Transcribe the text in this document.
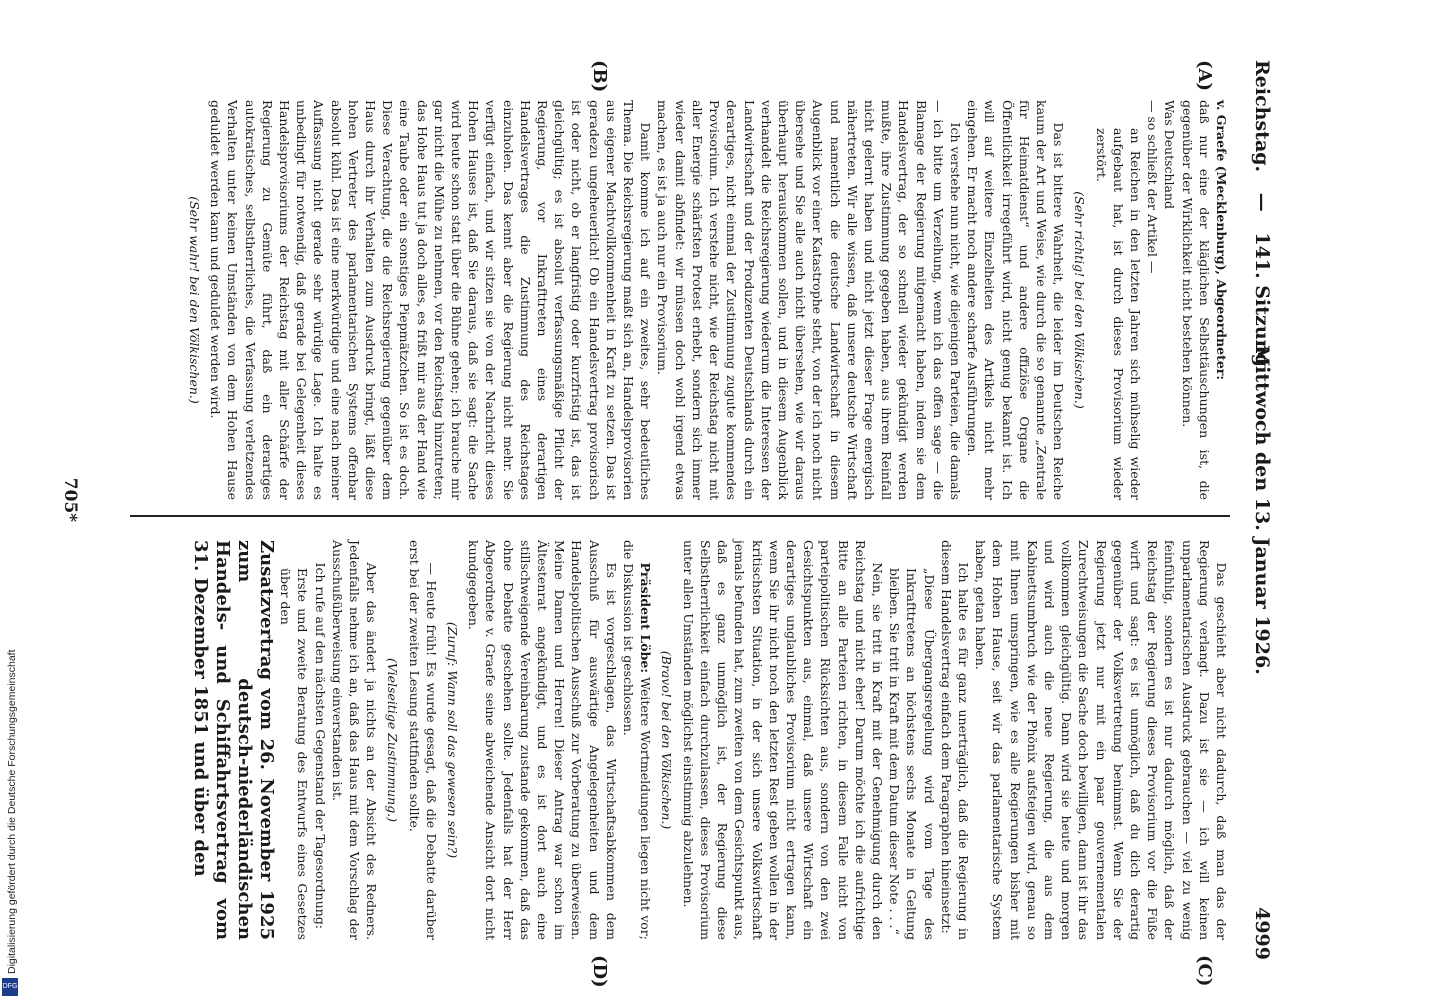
Reichstag. — 141. Sitzung.
Mittwoch den 13. Januar 1926.
4999
(A)
(B)
(C)
(D)
v. Graefe (Mecklenburg), Abgeordneter:
daß nur eine der kläglichen Selbsttäuschungen ist, die gegenüber der Wirklichkeit nicht bestehen können.
Was Deutschland
— so schließt der Artikel —
an Reichen in den letzten Jahren sich mühselig wieder aufgebaut hat, ist durch dieses Provisorium wieder zerstört.
(Sehr richtig! bei den Völkischen.)
Das ist bittere Wahrheit, die leider im Deutschen Reiche kaum der Art und Weise, wie durch die so genannte „Zentrale für Heimatdienst“ und andere offiziöse Organe die Öffentlichkeit irregeführt wird, nicht genug bekannt ist. Ich will auf weitere Einzelheiten des Artikels nicht mehr eingehen. Er macht noch andere scharfe Ausführungen.
Ich verstehe nun nicht, wie diejenigen Parteien, die damals — ich bitte um Verzeihung, wenn ich das offen sage — die Blamage der Regierung mitgemacht haben, indem sie dem Handelsvertrag, der so schnell wieder gekündigt werden mußte, ihre Zustimmung gegeben haben, aus ihrem Reinfall nicht gelernt haben und nicht jetzt dieser Frage energisch nähertreten. Wir alle wissen, daß unsere deutsche Wirtschaft und namentlich die deutsche Landwirtschaft in diesem Augenblick vor einer Katastrophe steht, von der ich noch nicht übersehe und Sie alle auch nicht übersehen, wie wir daraus überhaupt herauskommen sollen, und in diesem Augenblick verhandelt die Reichsregierung wiederum die Interessen der Landwirtschaft und der Produzenten Deutschlands durch ein derartiges, nicht einmal der Zustimmung zugute kommendes Provisorium. Ich verstehe nicht, wie der Reichstag nicht mit aller Energie schärfsten Protest erhebt, sondern sich immer wieder damit abfindet: wir müssen doch wohl irgend etwas machen, es ist ja auch nur ein Provisorium.
Damit komme ich auf ein zweites, sehr bedeutliches Thema. Die Reichsregierung maßt sich an, Handelsprovisorien aus eigener Machtvollkommenheit in Kraft zu setzen. Das ist geradezu ungeheuerlich! Ob ein Handelsvertrag provisorisch ist oder nicht, ob er langfristig oder kurzfristig ist, das ist gleichgültig; es ist absolut verfassungsmäßige Pflicht der Regierung, vor Inkrafttreten eines derartigen Handelsvertrages die Zustimmung des Reichstages einzuholen. Das kennt aber die Regierung nicht mehr. Sie verfügt einfach, und wir sitzen sie von der Nachricht dieses Hohen Hauses ist, daß Sie daraus, daß sie sagt: die Sache wird heute schon statt über die Bühne gehen; ich brauche mir gar nicht die Mühe zu nehmen, vor den Reichstag hinzutreten; das Hohe Haus tut ja doch alles, es frißt mir aus der Hand wie eine Taube oder ein sonstiges Piepmätzchen. So ist es doch. Diese Verachtung, die die Reichsregierung gegenüber dem Haus durch ihr Verhalten zum Ausdruck bringt, läßt diese hohen Vertreter des parlamentarischen Systems offenbar absolut kühl. Das ist eine merkwürdige und eine nach meiner Auffassung nicht gerade sehr würdige Lage. Ich halte es unbedingt für notwendig, daß gerade bei Gelegenheit dieses Handelsprovisoriums der Reichstag mit aller Schärfe der Regierung zu Gemüte führt, daß ein derartiges autokratisches, selbstherrliches, die Verfassung verletzendes Verhalten unter keinen Umständen von dem Hohen Hause geduldet werden kann und geduldet werden wird.
(Sehr wahr! bei den Völkischen.)
Das geschieht aber nicht dadurch, daß man das der Regierung verlangt. Dazu ist sie — ich will keinen unparlamentarischen Ausdruck gebrauchen — viel zu wenig feinfühlig, sondern es ist nur dadurch möglich, daß der Reichstag der Regierung dieses Provisorium vor die Füße wirft und sagt: es ist unmöglich, daß du dich derartig gegenüber der Volksvertretung benimmst. Wenn Sie der Regierung jetzt nur mit ein paar gouvernementalen Zurechtweisungen die Sache doch bewilligen, dann ist ihr das vollkommen gleichgültig. Dann wird sie heute und morgen und wird auch die neue Regierung, die aus dem Kabinettsumbruch wie der Phönix aufsteigen wird, genau so mit Ihnen umspringen, wie es alle Regierungen bisher mit dem Hohen Hause, seit wir das parlamentarische System haben, getan haben.
Ich halte es für ganz unerträglich, daß die Regierung in diesem Handelsvertrag einfach dem Paragraphen hineinsetzt:
„Diese Übergangsregelung wird vom Tage des Inkrafttretens an höchstens sechs Monate in Geltung bleiben. Sie tritt in Kraft mit dem Datum dieser Note . . .“
Nein, sie tritt in Kraft mit der Genehmigung durch den Reichstag und nicht eher! Darum möchte ich die aufrichtige Bitte an alle Parteien richten, in diesem Falle nicht von parteipolitischen Rücksichten aus, sondern von den zwei Gesichtspunkten aus, einmal, daß unsere Wirtschaft ein derartiges unglaubliches Provisorium nicht ertragen kann, wenn Sie ihr nicht noch den letzten Rest geben wollen in der kritischsten Situation, in der sich unsere Volkswirtschaft jemals befunden hat, zum zweiten von dem Gesichtspunkt aus, daß es ganz unmöglich ist, der Regierung diese Selbstherrlichkeit einfach durchzulassen, dieses Provisorium unter allen Umständen möglichst einstimmig abzulehnen.
(Bravo! bei den Völkischen.)
Präsident Löbe: Weitere Wortmeldungen liegen nicht vor; die Diskussion ist geschlossen.
Es ist vorgeschlagen, das Wirtschaftsabkommen dem Ausschuß für auswärtige Angelegenheiten und dem Handelspolitischen Ausschuß zur Vorberatung zu überweisen. Meine Damen und Herren! Dieser Antrag war schon im Ältestenrat angekündigt, und es ist dort auch eine stillschweigende Vereinbarung zustande gekommen, daß das ohne Debatte geschehen sollte. Jedenfalls hat der Herr Abgeordnete v. Graefe seine abweichende Ansicht dort nicht kundgegeben.
(Zuruf: Wann soll das gewesen sein?)
— Heute früh! Es wurde gesagt, daß die Debatte darüber erst bei der zweiten Lesung stattfinden sollte.
(Vielseitige Zustimmung.)
Aber das ändert ja nichts an der Absicht des Redners. Jedenfalls nehme ich an, daß das Haus mit dem Vorschlag der Ausschußüberweisung einverstanden ist.
Ich rufe auf den nächsten Gegenstand der Tagesordnung:
Erste und zweite Beratung des Entwurfs eines Gesetzes über den
Zusatzvertrag vom 26. November 1925 zum deutsch-niederländischen Handels- und Schiffahrtsvertrag vom 31. Dezember 1851 und über den
705*
Digitalisierung gefördert durch die Deutsche Forschungsgemeinschaft
DFG
